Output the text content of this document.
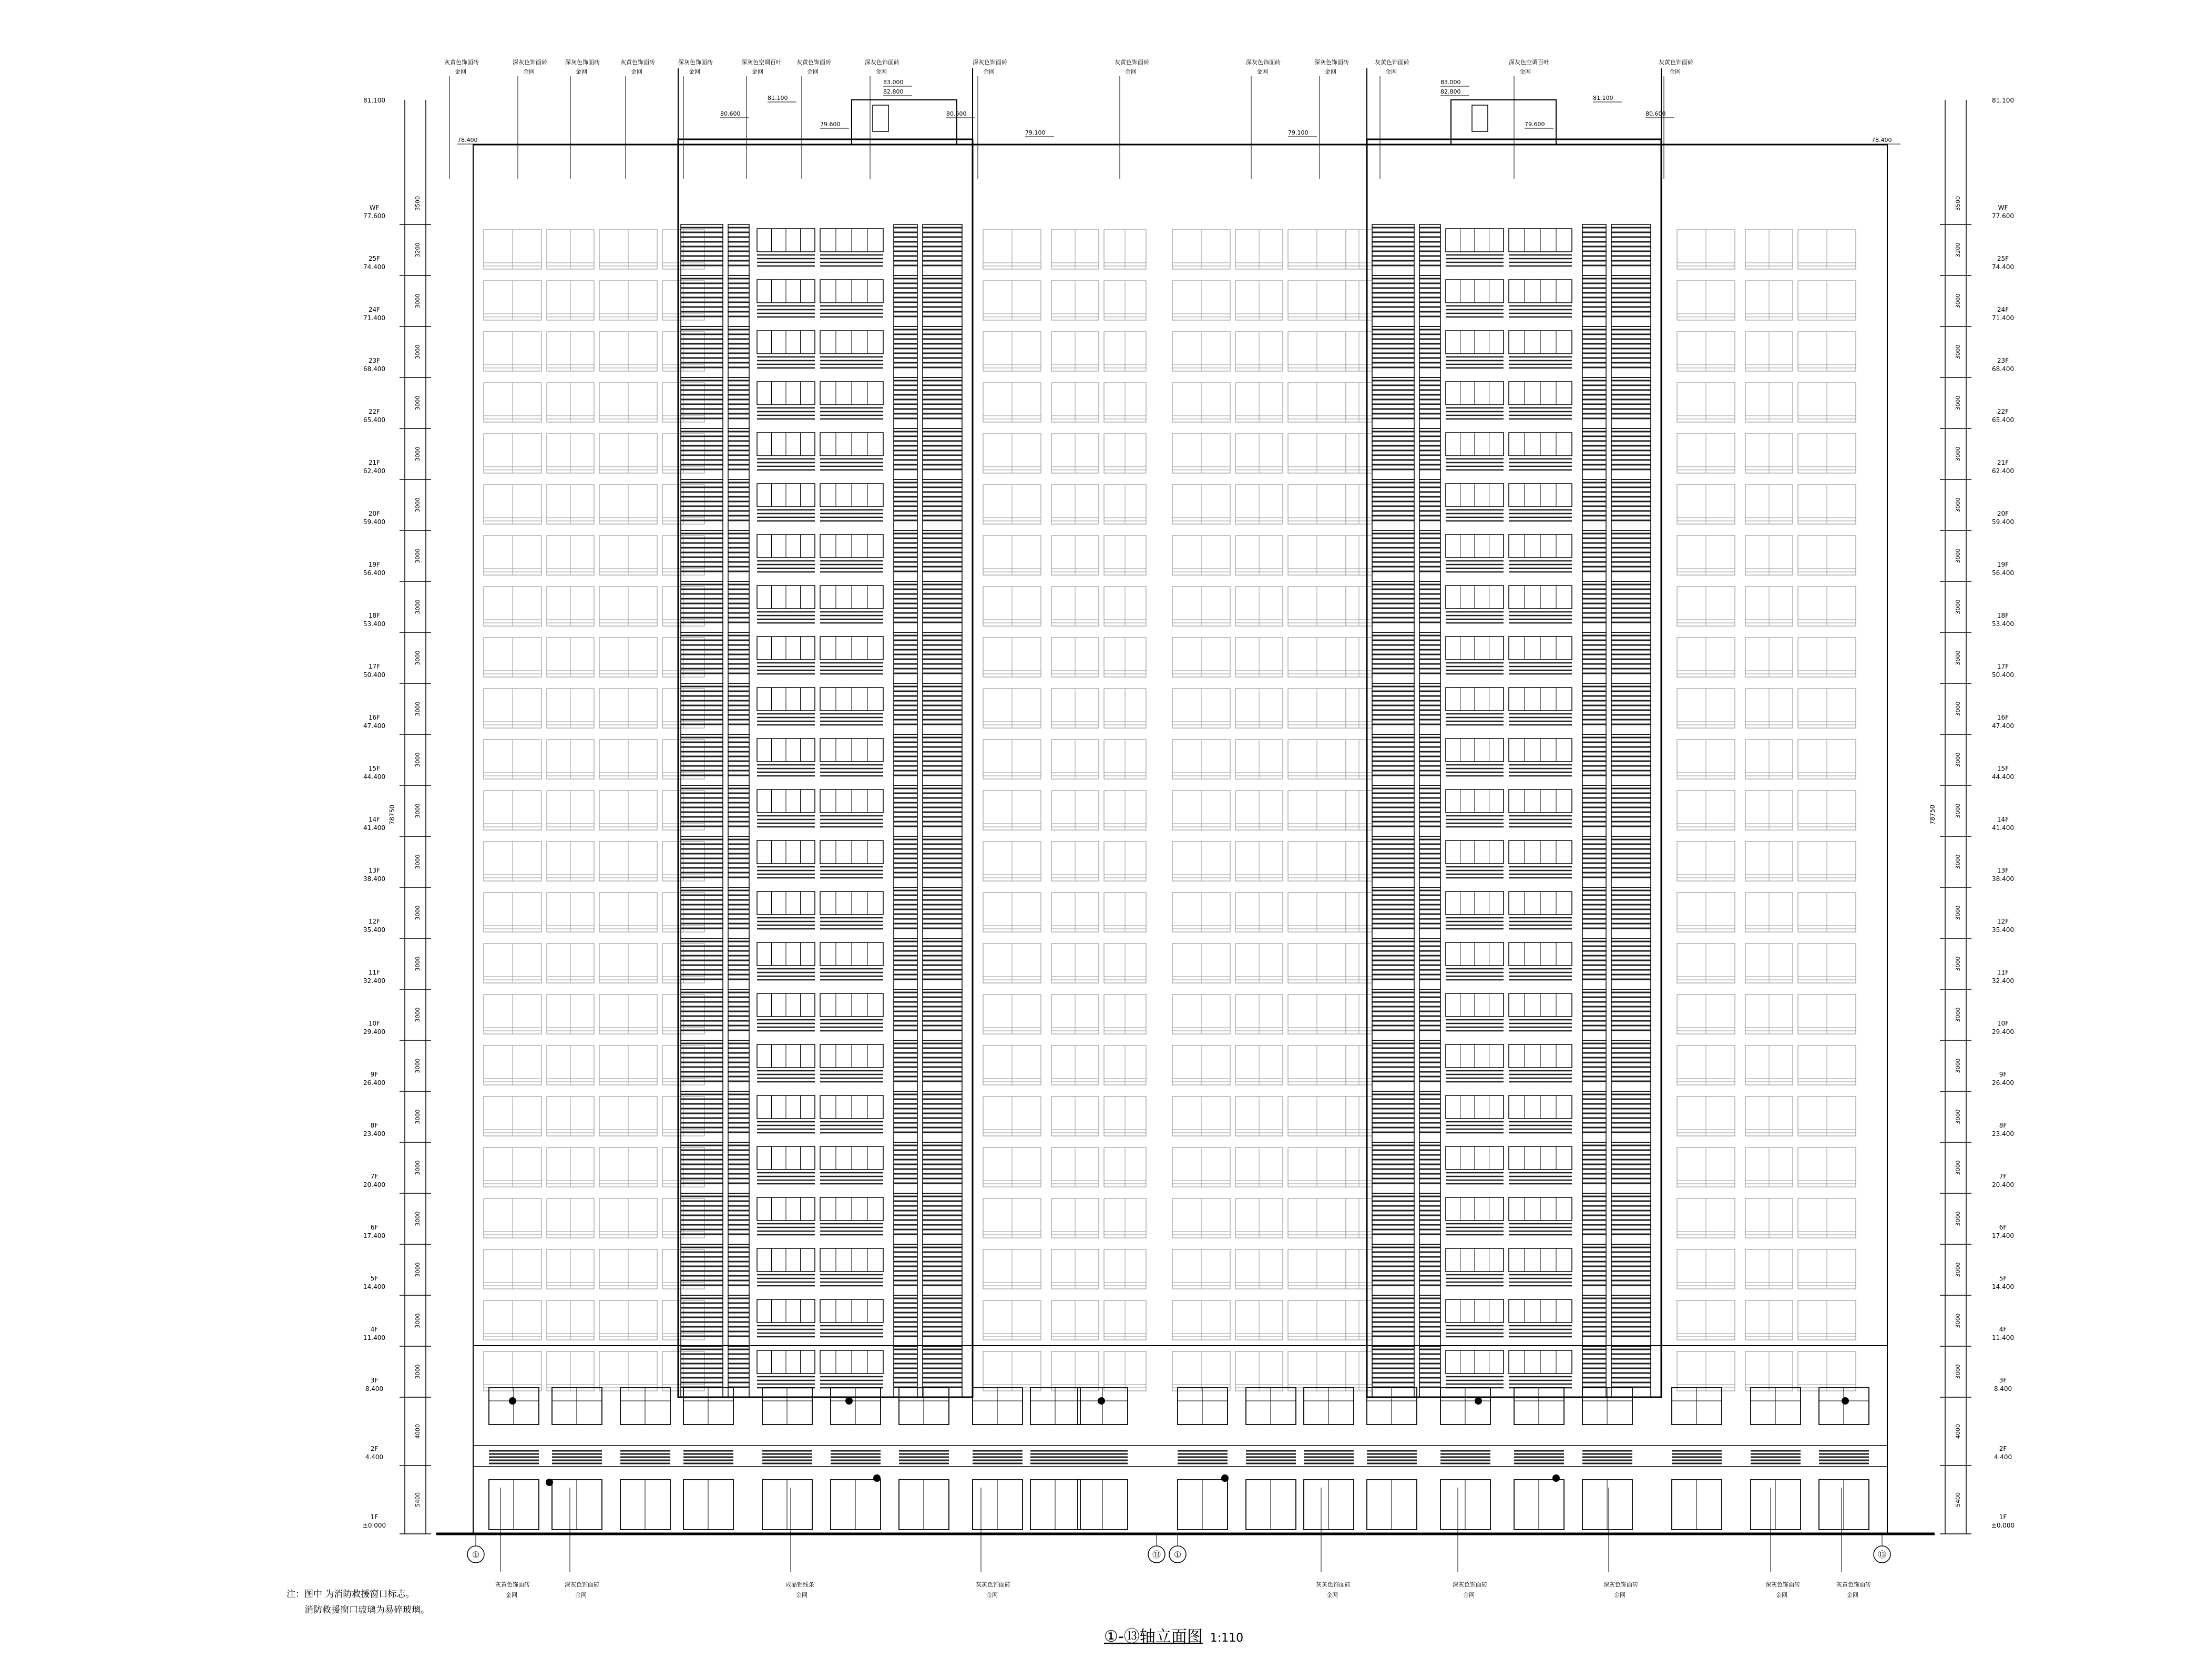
1F
±0.000
5400
2F
4.400
4000
3F
8.400
3000
4F
11.400
3000
5F
14.400
3000
6F
17.400
3000
7F
20.400
3000
8F
23.400
3000
9F
26.400
3000
10F
29.400
3000
11F
32.400
3000
12F
35.400
3000
13F
38.400
3000
14F
41.400
3000
15F
44.400
3000
16F
47.400
3000
17F
50.400
3000
18F
53.400
3000
19F
56.400
3000
20F
59.400
3000
21F
62.400
3000
22F
65.400
3000
23F
68.400
3000
24F
71.400
3000
25F
74.400
3200
WF
77.600
3500
81.100
78750
1F
±0.000
5400
2F
4.400
4000
3F
8.400
3000
4F
11.400
3000
5F
14.400
3000
6F
17.400
3000
7F
20.400
3000
8F
23.400
3000
9F
26.400
3000
10F
29.400
3000
11F
32.400
3000
12F
35.400
3000
13F
38.400
3000
14F
41.400
3000
15F
44.400
3000
16F
47.400
3000
17F
50.400
3000
18F
53.400
3000
19F
56.400
3000
20F
59.400
3000
21F
62.400
3000
22F
65.400
3000
23F
68.400
3000
24F
71.400
3000
25F
74.400
3200
WF
77.600
3500
81.100
78750
灰黄色饰面砖
金网
深灰色饰面砖
金网
深灰色饰面砖
金网
灰黄色饰面砖
金网
深灰色饰面砖
金网
深灰色空调百叶
金网
灰黄色饰面砖
金网
深灰色饰面砖
金网
深灰色饰面砖
金网
灰黄色饰面砖
金网
深灰色饰面砖
金网
深灰色饰面砖
金网
灰黄色饰面砖
金网
深灰色空调百叶
金网
灰黄色饰面砖
金网
灰黄色饰面砖
金网
深灰色饰面砖
金网
成品铝线条
金网
灰黄色饰面砖
金网
灰黄色饰面砖
金网
深灰色饰面砖
金网
深灰色饰面砖
金网
深灰色饰面砖
金网
灰黄色饰面砖
金网
80.600
81.100
79.600
83.000
82.800
80.600
79.100	79.100
82.800
83.000
79.600
81.100
80.600
78.400	78.400
①	⑬ ①	⑬
注：图中 为消防救援窗口标志。
消防救援窗口玻璃为易碎玻璃。
①-⑬轴立面图 1:110
